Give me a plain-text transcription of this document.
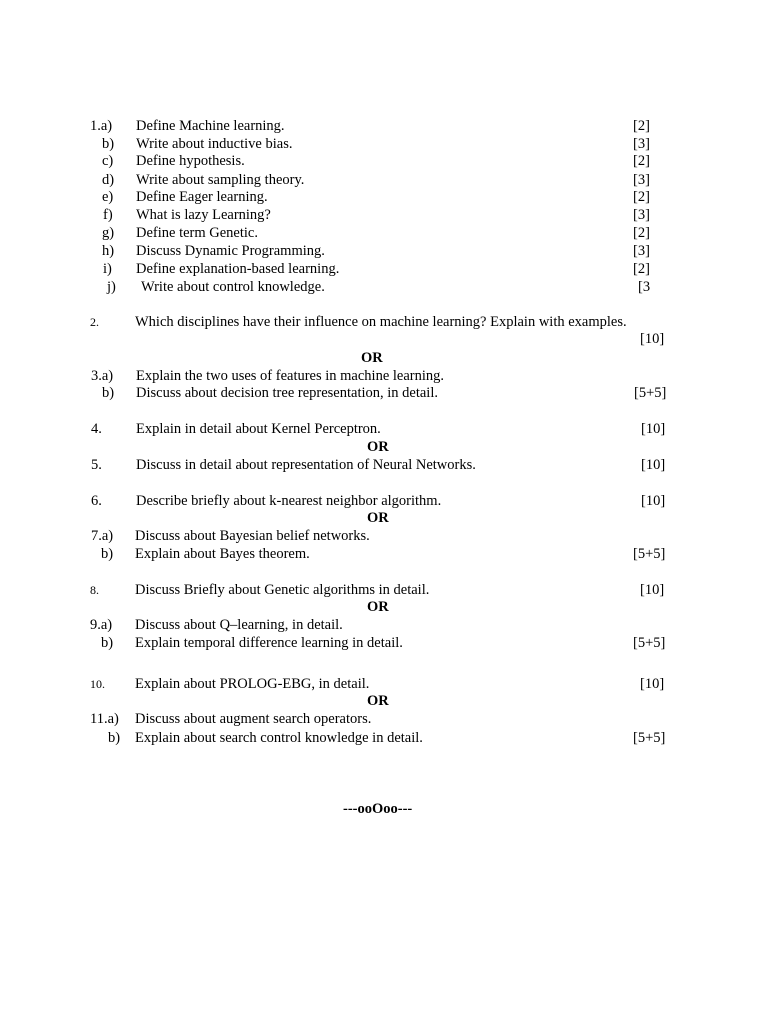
1.a) Define Machine learning.	[2]
b) Write about inductive bias.	[3]
c) Define hypothesis.	[2]
d) Write about sampling theory.	[3]
e) Define Eager learning.	[2]
f) What is lazy Learning?	[3]
g) Define term Genetic.	[2]
h) Discuss Dynamic Programming.	[3]
i) Define explanation-based learning.	[2]
j) Write about control knowledge.	[3
2. Which disciplines have their influence on machine learning? Explain with examples.
[10]
OR
3.a) Explain the two uses of features in machine learning.
b) Discuss about decision tree representation, in detail.	[5+5]
4. Explain in detail about Kernel Perceptron.	[10]
OR
5. Discuss in detail about representation of Neural Networks.	[10]
6. Describe briefly about k-nearest neighbor algorithm.	[10]
OR
7.a) Discuss about Bayesian belief networks.
b) Explain about Bayes theorem.	[5+5]
8. Discuss Briefly about Genetic algorithms in detail.	[10]
OR
9.a) Discuss about Q–learning, in detail.
b) Explain temporal difference learning in detail.	[5+5]
10. Explain about PROLOG-EBG, in detail.	[10]
OR
11.a) Discuss about augment search operators.
b) Explain about search control knowledge in detail.	[5+5]
---ooOoo---
